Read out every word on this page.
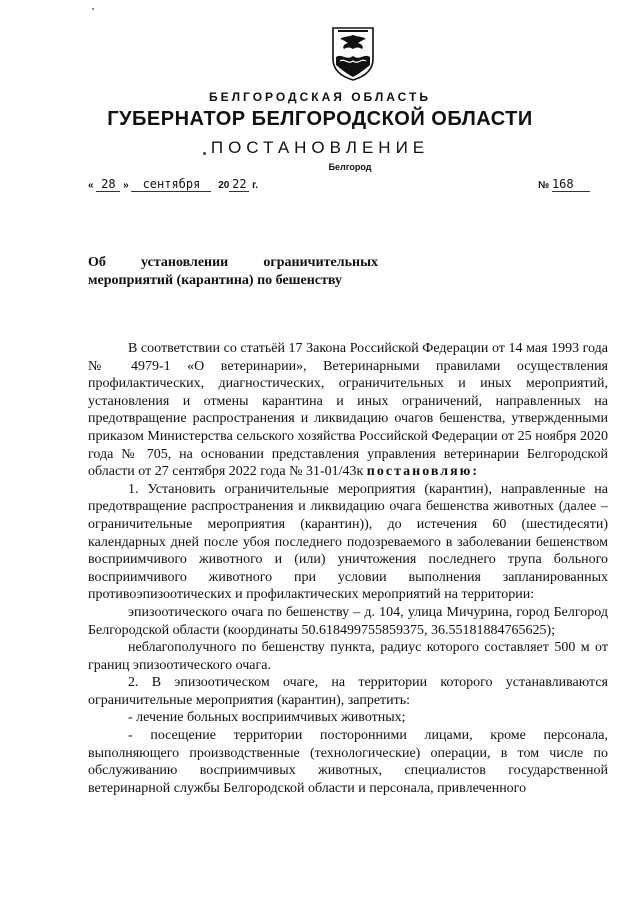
БЕЛГОРОДСКАЯ ОБЛАСТЬ
ГУБЕРНАТОР БЕЛГОРОДСКОЙ ОБЛАСТИ
ПОСТАНОВЛЕНИЕ
Белгород
« 28 » сентября 20 22 г.	№ 168
Об установлении ограничительных
мероприятий (карантина) по бешенству

В соответствии со статьёй 17 Закона Российской Федерации от 14 мая 1993 года № 4979-1 «О ветеринарии», Ветеринарными правилами осуществления профилактических, диагностических, ограничительных и иных мероприятий, установления и отмены карантина и иных ограничений, направленных на предотвращение распространения и ликвидацию очагов бешенства, утвержденными приказом Министерства сельского хозяйства Российской Федерации от 25 ноября 2020 года № 705, на основании представления управления ветеринарии Белгородской области от 27 сентября 2022 года № 31-01/43к постановляю:

1. Установить ограничительные мероприятия (карантин), направленные на предотвращение распространения и ликвидацию очага бешенства животных (далее – ограничительные мероприятия (карантин)), до истечения 60 (шестидесяти) календарных дней после убоя последнего подозреваемого в заболевании бешенством восприимчивого животного и (или) уничтожения последнего трупа больного восприимчивого животного при условии выполнения запланированных противоэпизоотических и профилактических мероприятий на территории:

эпизоотического очага по бешенству – д. 104, улица Мичурина, город Белгород Белгородской области (координаты 50.618499755859375, 36.55181884765625);

неблагополучного по бешенству пункта, радиус которого составляет 500 м от границ эпизоотического очага.

2. В эпизоотическом очаге, на территории которого устанавливаются ограничительные мероприятия (карантин), запретить:

- лечение больных восприимчивых животных;

- посещение территории посторонними лицами, кроме персонала, выполняющего производственные (технологические) операции, в том числе по обслуживанию восприимчивых животных, специалистов государственной ветеринарной службы Белгородской области и персонала, привлеченного
